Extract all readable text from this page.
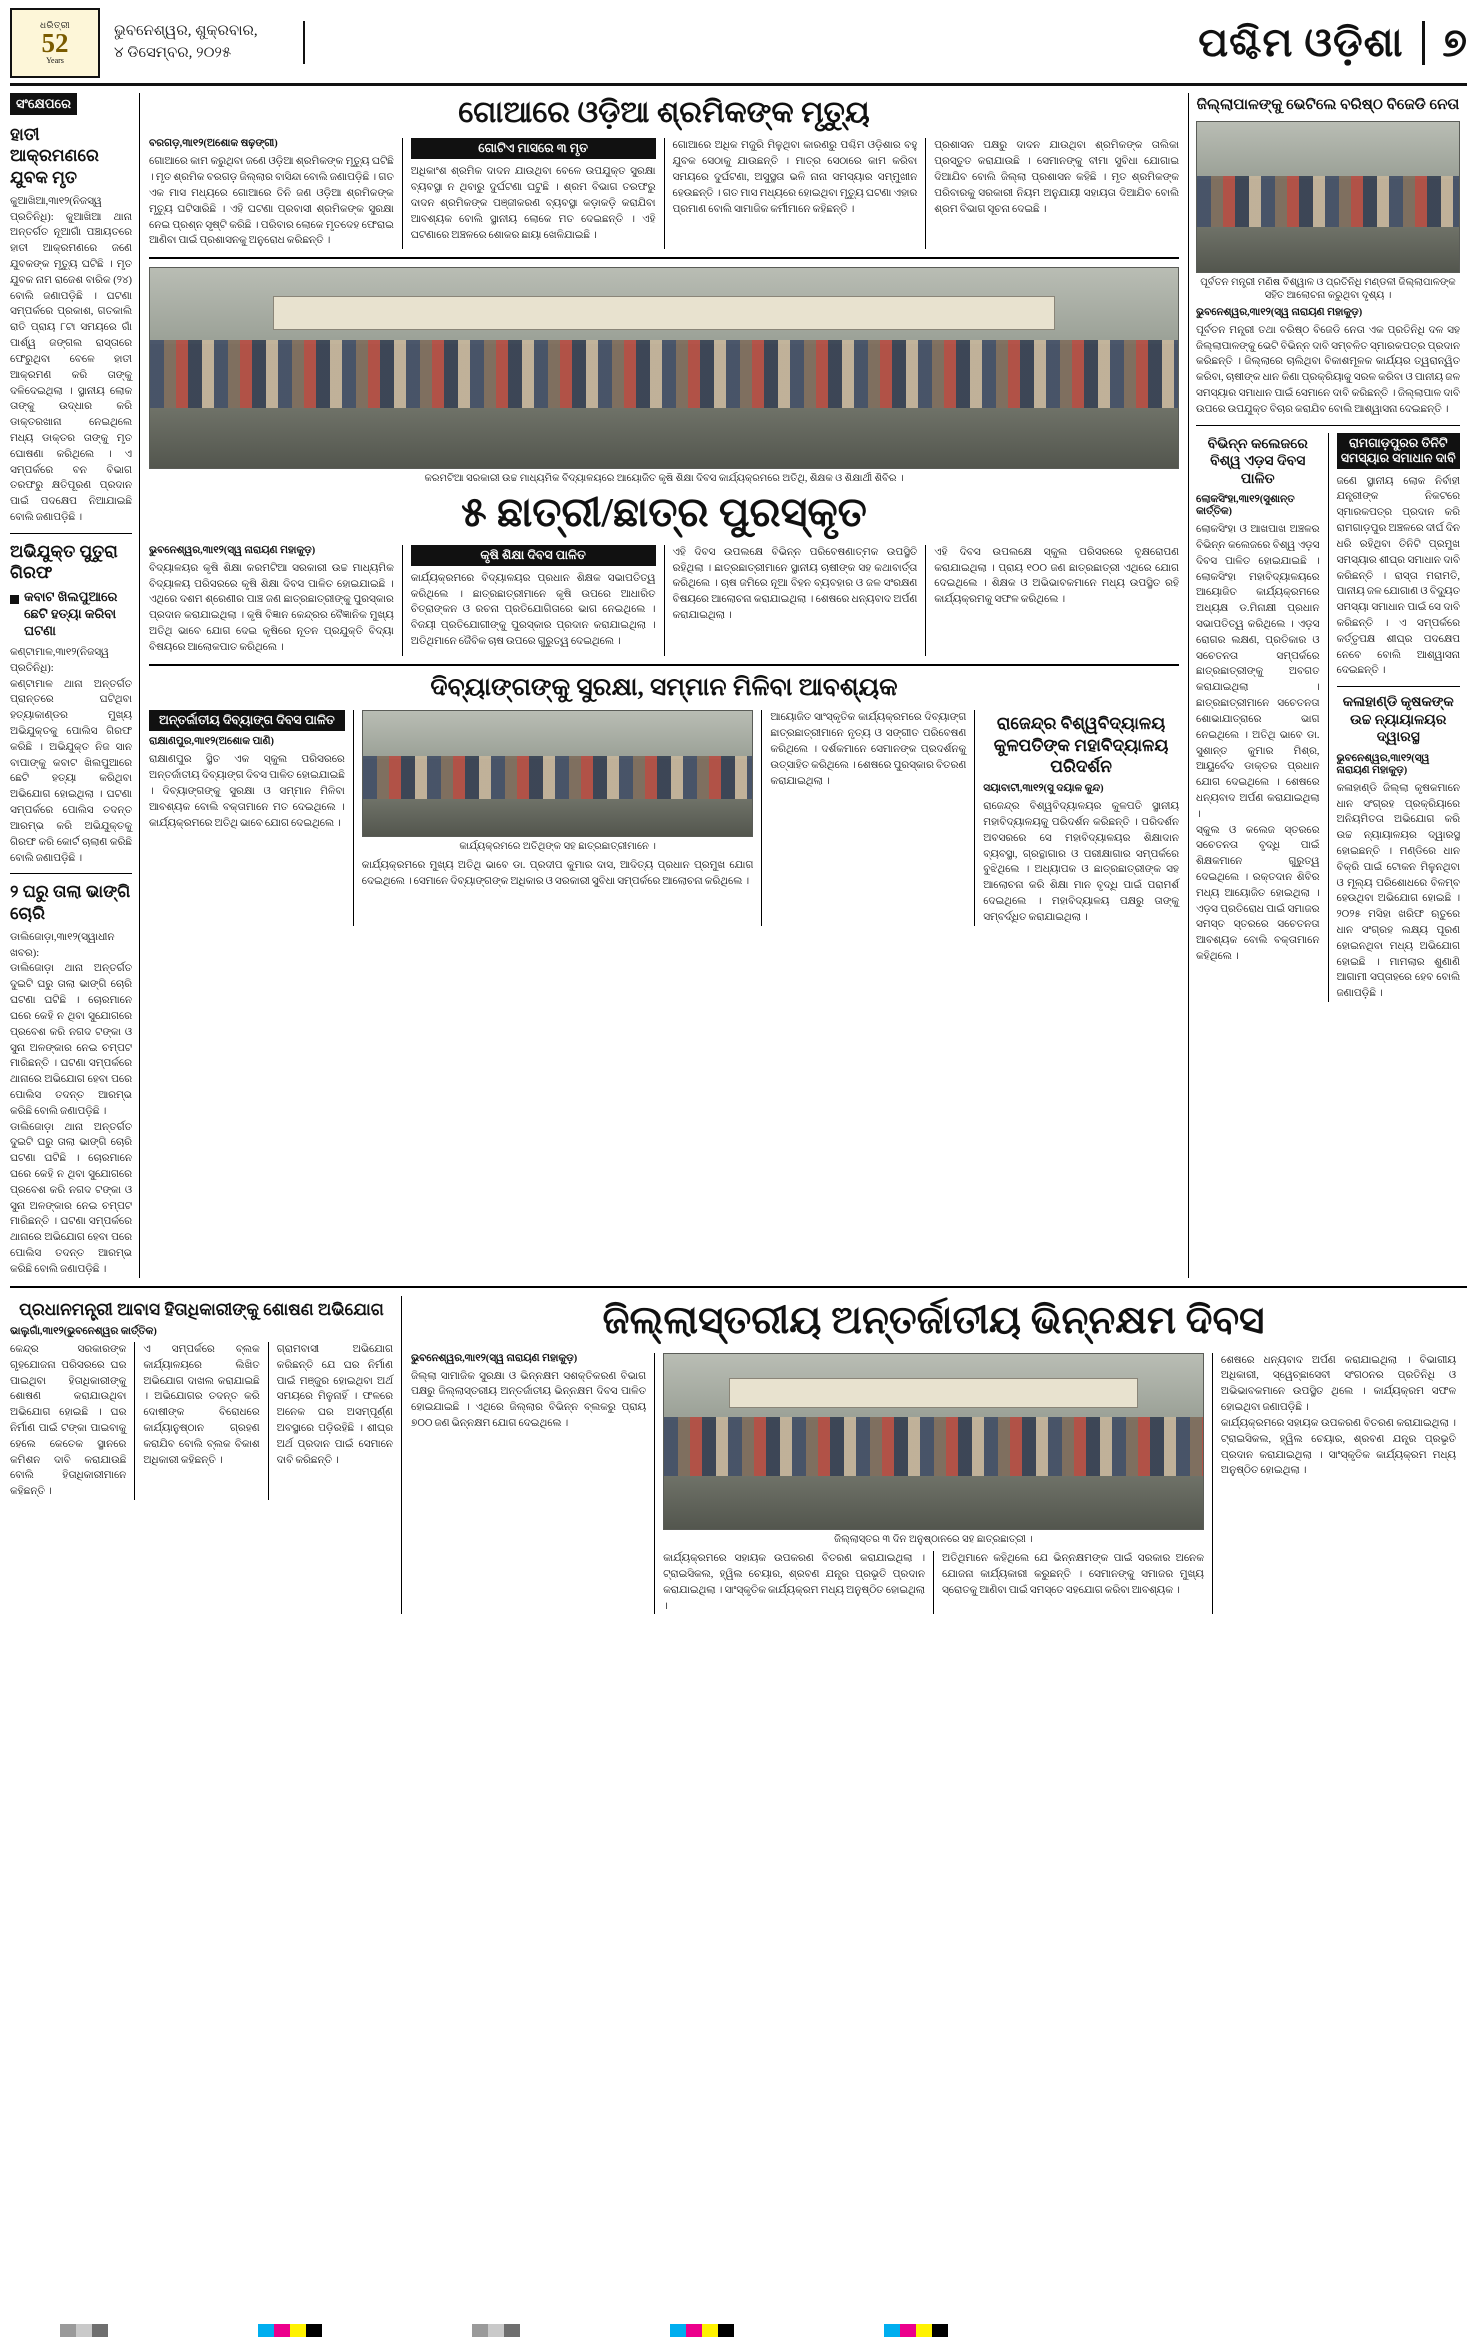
ଧରିତ୍ରୀ
52
Years
ଭୁବନେଶ୍ୱର, ଶୁକ୍ରବାର,
୪ ଡିସେମ୍ବର, ୨୦୨୫	ପଶ୍ଚିମ ଓଡ଼ିଶା ୭
ସଂକ୍ଷେପରେ
ହାତୀ ଆକ୍ରମଣରେ ଯୁବକ ମୃତ
କୁଆଖିଆ,୩ା୧୨(ନିଜସ୍ୱ ପ୍ରତିନିଧି): କୁଆଖିଆ ଥାନା ଅନ୍ତର୍ଗତ ନୂଆଗାଁ ପଞ୍ଚାୟତରେ ହାତୀ ଆକ୍ରମଣରେ ଜଣେ ଯୁବକଙ୍କ ମୃତ୍ୟୁ ଘଟିଛି । ମୃତ ଯୁବକ ନାମ ରାଜେଶ ବାରିକ (୨୪) ବୋଲି ଜଣାପଡ଼ିଛି । ଘଟଣା ସମ୍ପର୍କରେ ପ୍ରକାଶ, ଗତକାଲି ରାତି ପ୍ରାୟ ୮ଟା ସମୟରେ ଗାଁ ପାର୍ଶ୍ୱ ଜଙ୍ଗଲ ରାସ୍ତାରେ ଫେରୁଥିବା ବେଳେ ହାତୀ ଆକ୍ରମଣ କରି ତାଙ୍କୁ ଦଳିଦେଇଥିଲା । ସ୍ଥାନୀୟ ଲୋକ ତାଙ୍କୁ ଉଦ୍ଧାର କରି ଡାକ୍ତରଖାନା ନେଇଥିଲେ ମଧ୍ୟ ଡାକ୍ତର ତାଙ୍କୁ ମୃତ ଘୋଷଣା କରିଥିଲେ । ଏ ସମ୍ପର୍କରେ ବନ ବିଭାଗ ତରଫରୁ କ୍ଷତିପୂରଣ ପ୍ରଦାନ ପାଇଁ ପଦକ୍ଷେପ ନିଆଯାଇଛି ବୋଲି ଜଣାପଡ଼ିଛି ।
ଅଭିଯୁକ୍ତ ପୁତୁରା ଗିରଫ
କବାଟ ଖିଲପୁଆରେ ଛେଟି ହତ୍ୟା କରିବା ଘଟଣା
କଣ୍ଟାମାଳ,୩ା୧୨(ନିଜସ୍ୱ ପ୍ରତିନିଧି):
କଣ୍ଟାମାଳ ଥାନା ଅନ୍ତର୍ଗତ ପ୍ରାନ୍ତରେ ଘଟିଥିବା ହତ୍ୟାକାଣ୍ଡର ମୁଖ୍ୟ ଅଭିଯୁକ୍ତକୁ ପୋଲିସ ଗିରଫ କରିଛି । ଅଭିଯୁକ୍ତ ନିଜ ସାନ ବାପାଙ୍କୁ କବାଟ ଖିଲପୁଆରେ ଛେଟି ହତ୍ୟା କରିଥିବା ଅଭିଯୋଗ ହୋଇଥିଲା । ଘଟଣା ସମ୍ପର୍କରେ ପୋଲିସ ତଦନ୍ତ ଆରମ୍ଭ କରି ଅଭିଯୁକ୍ତକୁ ଗିରଫ କରି କୋର୍ଟ ଚାଲାଣ କରିଛି ବୋଲି ଜଣାପଡ଼ିଛି ।
୨ ଘରୁ ତାଲା ଭାଙ୍ଗି ଚୋରି
ଡାଲିଜୋଡ଼ା,୩ା୧୨(ସ୍ୱାଧୀନ ଖବର):
ଡାଲିଜୋଡ଼ା ଥାନା ଅନ୍ତର୍ଗତ ଦୁଇଟି ଘରୁ ତାଲା ଭାଙ୍ଗି ଚୋରି ଘଟଣା ଘଟିଛି । ଚୋରମାନେ ଘରେ କେହି ନ ଥିବା ସୁଯୋଗରେ ପ୍ରବେଶ କରି ନଗଦ ଟଙ୍କା ଓ ସୁନା ଅଳଙ୍କାର ନେଇ ଚମ୍ପଟ ମାରିଛନ୍ତି । ଘଟଣା ସମ୍ପର୍କରେ ଥାନାରେ ଅଭିଯୋଗ ହେବା ପରେ ପୋଲିସ ତଦନ୍ତ ଆରମ୍ଭ କରିଛି ବୋଲି ଜଣାପଡ଼ିଛି ।
ଡାଲିଜୋଡ଼ା ଥାନା ଅନ୍ତର୍ଗତ ଦୁଇଟି ଘରୁ ତାଲା ଭାଙ୍ଗି ଚୋରି ଘଟଣା ଘଟିଛି । ଚୋରମାନେ ଘରେ କେହି ନ ଥିବା ସୁଯୋଗରେ ପ୍ରବେଶ କରି ନଗଦ ଟଙ୍କା ଓ ସୁନା ଅଳଙ୍କାର ନେଇ ଚମ୍ପଟ ମାରିଛନ୍ତି । ଘଟଣା ସମ୍ପର୍କରେ ଥାନାରେ ଅଭିଯୋଗ ହେବା ପରେ ପୋଲିସ ତଦନ୍ତ ଆରମ୍ଭ କରିଛି ବୋଲି ଜଣାପଡ଼ିଛି ।
ଗୋଆରେ ଓଡ଼ିଆ ଶ୍ରମିକଙ୍କ ମୃତ୍ୟୁ
ବରଗଡ଼,୩ା୧୨(ଅଶୋକ ଷଢ଼ଙ୍ଗୀ)
ଗୋଆରେ କାମ କରୁଥିବା ଜଣେ ଓଡ଼ିଆ ଶ୍ରମିକଙ୍କ ମୃତ୍ୟୁ ଘଟିଛି । ମୃତ ଶ୍ରମିକ ବରଗଡ଼ ଜିଲ୍ଲାର ବାସିନ୍ଦା ବୋଲି ଜଣାପଡ଼ିଛି । ଗତ ଏକ ମାସ ମଧ୍ୟରେ ଗୋଆରେ ତିନି ଜଣ ଓଡ଼ିଆ ଶ୍ରମିକଙ୍କ ମୃତ୍ୟୁ ଘଟିସାରିଛି । ଏହି ଘଟଣା ପ୍ରବାସୀ ଶ୍ରମିକଙ୍କ ସୁରକ୍ଷା ନେଇ ପ୍ରଶ୍ନ ସୃଷ୍ଟି କରିଛି । ପରିବାର ଲୋକେ ମୃତଦେହ ଫେରାଇ ଆଣିବା ପାଇଁ ପ୍ରଶାସନକୁ ଅନୁରୋଧ କରିଛନ୍ତି ।
ଗୋଟିଏ ମାସରେ ୩ ମୃତ
ଅଧିକାଂଶ ଶ୍ରମିକ ଦାଦନ ଯାଉଥିବା ବେଳେ ଉପଯୁକ୍ତ ସୁରକ୍ଷା ବ୍ୟବସ୍ଥା ନ ଥିବାରୁ ଦୁର୍ଘଟଣା ଘଟୁଛି । ଶ୍ରମ ବିଭାଗ ତରଫରୁ ଦାଦନ ଶ୍ରମିକଙ୍କ ପଞ୍ଜୀକରଣ ବ୍ୟବସ୍ଥା କଡ଼ାକଡ଼ି କରାଯିବା ଆବଶ୍ୟକ ବୋଲି ସ୍ଥାନୀୟ ଲୋକେ ମତ ଦେଇଛନ୍ତି । ଏହି ଘଟଣାରେ ଅଞ୍ଚଳରେ ଶୋକର ଛାୟା ଖେଳିଯାଇଛି ।
ଗୋଆରେ ଅଧିକ ମଜୁରି ମିଳୁଥିବା କାରଣରୁ ପଶ୍ଚିମ ଓଡ଼ିଶାର ବହୁ ଯୁବକ ସେଠାକୁ ଯାଉଛନ୍ତି । ମାତ୍ର ସେଠାରେ କାମ କରିବା ସମୟରେ ଦୁର୍ଘଟଣା, ଅସୁସ୍ଥତା ଭଳି ନାନା ସମସ୍ୟାର ସମ୍ମୁଖୀନ ହେଉଛନ୍ତି । ଗତ ମାସ ମଧ୍ୟରେ ହୋଇଥିବା ମୃତ୍ୟୁ ଘଟଣା ଏହାର ପ୍ରମାଣ ବୋଲି ସାମାଜିକ କର୍ମୀମାନେ କହିଛନ୍ତି ।
ପ୍ରଶାସନ ପକ୍ଷରୁ ଦାଦନ ଯାଉଥିବା ଶ୍ରମିକଙ୍କ ତାଲିକା ପ୍ରସ୍ତୁତ କରାଯାଉଛି । ସେମାନଙ୍କୁ ବୀମା ସୁବିଧା ଯୋଗାଇ ଦିଆଯିବ ବୋଲି ଜିଲ୍ଲା ପ୍ରଶାସନ କହିଛି । ମୃତ ଶ୍ରମିକଙ୍କ ପରିବାରକୁ ସରକାରୀ ନିୟମ ଅନୁଯାୟୀ ସହାୟତା ଦିଆଯିବ ବୋଲି ଶ୍ରମ ବିଭାଗ ସୂଚନା ଦେଇଛି ।
କରମଟିଆ ସରକାରୀ ଉଚ୍ଚ ମାଧ୍ୟମିକ ବିଦ୍ୟାଳୟରେ ଆୟୋଜିତ କୃଷି ଶିକ୍ଷା ଦିବସ କାର୍ଯ୍ୟକ୍ରମରେ ଅତିଥି, ଶିକ୍ଷକ ଓ ଶିକ୍ଷାର୍ଥୀ ଶିବିର ।
୫ ଛାତ୍ରୀ/ଛାତ୍ର ପୁରସ୍କୃତ
ଭୁବନେଶ୍ୱର,୩ା୧୨(ସ୍ୱ ନାରାୟଣ ମହାକୁଡ଼)
ବିଦ୍ୟାଳୟର କୃଷି ଶିକ୍ଷା କରମଟିଆ ସରକାରୀ ଉଚ୍ଚ ମାଧ୍ୟମିକ ବିଦ୍ୟାଳୟ ପରିସରରେ କୃଷି ଶିକ୍ଷା ଦିବସ ପାଳିତ ହୋଇଯାଇଛି । ଏଥିରେ ଦଶମ ଶ୍ରେଣୀର ପାଞ୍ଚ ଜଣ ଛାତ୍ରଛାତ୍ରୀଙ୍କୁ ପୁରସ୍କାର ପ୍ରଦାନ କରାଯାଇଥିଲା । କୃଷି ବିଜ୍ଞାନ କେନ୍ଦ୍ରର ବୈଜ୍ଞାନିକ ମୁଖ୍ୟ ଅତିଥି ଭାବେ ଯୋଗ ଦେଇ କୃଷିରେ ନୂତନ ପ୍ରଯୁକ୍ତି ବିଦ୍ୟା ବିଷୟରେ ଆଲୋକପାତ କରିଥିଲେ ।
କୃଷି ଶିକ୍ଷା ଦିବସ ପାଳିତ
କାର୍ଯ୍ୟକ୍ରମରେ ବିଦ୍ୟାଳୟର ପ୍ରଧାନ ଶିକ୍ଷକ ସଭାପତିତ୍ୱ କରିଥିଲେ । ଛାତ୍ରଛାତ୍ରୀମାନେ କୃଷି ଉପରେ ଆଧାରିତ ଚିତ୍ରାଙ୍କନ ଓ ରଚନା ପ୍ରତିଯୋଗିତାରେ ଭାଗ ନେଇଥିଲେ । ବିଜୟୀ ପ୍ରତିଯୋଗୀଙ୍କୁ ପୁରସ୍କାର ପ୍ରଦାନ କରାଯାଇଥିଲା । ଅତିଥିମାନେ ଜୈବିକ ଚାଷ ଉପରେ ଗୁରୁତ୍ୱ ଦେଇଥିଲେ ।
ଏହି ଦିବସ ଉପଲକ୍ଷେ ବିଭିନ୍ନ ପରିବେଷଣାତ୍ମକ ଉପସ୍ଥିତି ରହିଥିଲା । ଛାତ୍ରଛାତ୍ରୀମାନେ ସ୍ଥାନୀୟ ଚାଷୀଙ୍କ ସହ କଥାବାର୍ତ୍ତା କରିଥିଲେ । ଚାଷ ଜମିରେ ନୂଆ ବିହନ ବ୍ୟବହାର ଓ ଜଳ ସଂରକ୍ଷଣ ବିଷୟରେ ଆଲୋଚନା କରାଯାଇଥିଲା । ଶେଷରେ ଧନ୍ୟବାଦ ଅର୍ପଣ କରାଯାଇଥିଲା ।
ଏହି ଦିବସ ଉପଲକ୍ଷେ ସ୍କୁଲ ପରିସରରେ ବୃକ୍ଷରୋପଣ କରାଯାଇଥିଲା । ପ୍ରାୟ ୧୦୦ ଜଣ ଛାତ୍ରଛାତ୍ରୀ ଏଥିରେ ଯୋଗ ଦେଇଥିଲେ । ଶିକ୍ଷକ ଓ ଅଭିଭାବକମାନେ ମଧ୍ୟ ଉପସ୍ଥିତ ରହି କାର୍ଯ୍ୟକ୍ରମକୁ ସଫଳ କରିଥିଲେ ।
ଦିବ୍ୟାଙ୍ଗଙ୍କୁ ସୁରକ୍ଷା, ସମ୍ମାନ ମିଳିବା ଆବଶ୍ୟକ
ଅନ୍ତର୍ଜାତୀୟ ଦିବ୍ୟାଙ୍ଗ ଦିବସ ପାଳିତ
ରାକ୍ଷାଣପୁର,୩ା୧୨(ଅଶୋକ ପାଣି)
ରାକ୍ଷାଣପୁର ସ୍ଥିତ ଏକ ସ୍କୁଲ ପରିସରରେ ଅନ୍ତର୍ଜାତୀୟ ଦିବ୍ୟାଙ୍ଗ ଦିବସ ପାଳିତ ହୋଇଯାଇଛି । ଦିବ୍ୟାଙ୍ଗଙ୍କୁ ସୁରକ୍ଷା ଓ ସମ୍ମାନ ମିଳିବା ଆବଶ୍ୟକ ବୋଲି ବକ୍ତାମାନେ ମତ ଦେଇଥିଲେ । କାର୍ଯ୍ୟକ୍ରମରେ ଅତିଥି ଭାବେ ଯୋଗ ଦେଇଥିଲେ ।
କାର୍ଯ୍ୟକ୍ରମରେ ଅତିଥିଙ୍କ ସହ ଛାତ୍ରଛାତ୍ରୀମାନେ ।
କାର୍ଯ୍ୟକ୍ରମରେ ମୁଖ୍ୟ ଅତିଥି ଭାବେ ଡା. ପ୍ରଦୀପ କୁମାର ଦାସ, ଆଦିତ୍ୟ ପ୍ରଧାନ ପ୍ରମୁଖ ଯୋଗ ଦେଇଥିଲେ । ସେମାନେ ଦିବ୍ୟାଙ୍ଗଙ୍କ ଅଧିକାର ଓ ସରକାରୀ ସୁବିଧା ସମ୍ପର୍କରେ ଆଲୋଚନା କରିଥିଲେ ।
ଆୟୋଜିତ ସାଂସ୍କୃତିକ କାର୍ଯ୍ୟକ୍ରମରେ ଦିବ୍ୟାଙ୍ଗ ଛାତ୍ରଛାତ୍ରୀମାନେ ନୃତ୍ୟ ଓ ସଙ୍ଗୀତ ପରିବେଷଣ କରିଥିଲେ । ଦର୍ଶକମାନେ ସେମାନଙ୍କ ପ୍ରଦର୍ଶନକୁ ଉତ୍ସାହିତ କରିଥିଲେ । ଶେଷରେ ପୁରସ୍କାର ବିତରଣ କରାଯାଇଥିଲା ।
ରାଜେନ୍ଦ୍ର ବିଶ୍ୱବିଦ୍ୟାଳୟ କୁଳପତିଙ୍କ ମହାବିଦ୍ୟାଳୟ ପରିଦର୍ଶନ
ସୟାବାଟୀ,୩ା୧୨(ସୁ ଦୟାଳ କୁନ୍ଦ)
ରାଜେନ୍ଦ୍ର ବିଶ୍ୱବିଦ୍ୟାଳୟର କୁଳପତି ସ୍ଥାନୀୟ ମହାବିଦ୍ୟାଳୟକୁ ପରିଦର୍ଶନ କରିଛନ୍ତି । ପରିଦର୍ଶନ ଅବସରରେ ସେ ମହାବିଦ୍ୟାଳୟର ଶିକ୍ଷାଦାନ ବ୍ୟବସ୍ଥା, ଗ୍ରନ୍ଥାଗାର ଓ ପରୀକ୍ଷାଗାର ସମ୍ପର୍କରେ ବୁଝିଥିଲେ । ଅଧ୍ୟାପକ ଓ ଛାତ୍ରଛାତ୍ରୀଙ୍କ ସହ ଆଲୋଚନା କରି ଶିକ୍ଷା ମାନ ବୃଦ୍ଧି ପାଇଁ ପରାମର୍ଶ ଦେଇଥିଲେ । ମହାବିଦ୍ୟାଳୟ ପକ୍ଷରୁ ତାଙ୍କୁ ସମ୍ବର୍ଦ୍ଧିତ କରାଯାଇଥିଲା ।
ଜିଲ୍ଲାପାଳଙ୍କୁ ଭେଟିଲେ ବରିଷ୍ଠ ବିଜେଡି ନେତା
ପୂର୍ବତନ ମନ୍ତ୍ରୀ ମଣିଷ ବିଶ୍ୱାଳ ଓ ପ୍ରତିନିଧି ମଣ୍ଡଳୀ ଜିଲ୍ଲାପାଳଙ୍କ ସହିତ ଆଲୋଚନା କରୁଥିବା ଦୃଶ୍ୟ ।
ଭୁବନେଶ୍ୱର,୩ା୧୨(ସ୍ୱ ନାରାୟଣ ମହାକୁଡ଼)
ପୂର୍ବତନ ମନ୍ତ୍ରୀ ତଥା ବରିଷ୍ଠ ବିଜେଡି ନେତା ଏକ ପ୍ରତିନିଧି ଦଳ ସହ ଜିଲ୍ଲାପାଳଙ୍କୁ ଭେଟି ବିଭିନ୍ନ ଦାବି ସମ୍ବଳିତ ସ୍ମାରକପତ୍ର ପ୍ରଦାନ କରିଛନ୍ତି । ଜିଲ୍ଲାରେ ଚାଲିଥିବା ବିକାଶମୂଳକ କାର୍ଯ୍ୟର ତ୍ୱରାନ୍ୱିତ କରିବା, ଚାଷୀଙ୍କ ଧାନ କିଣା ପ୍ରକ୍ରିୟାକୁ ସରଳ କରିବା ଓ ପାନୀୟ ଜଳ ସମସ୍ୟାର ସମାଧାନ ପାଇଁ ସେମାନେ ଦାବି କରିଛନ୍ତି । ଜିଲ୍ଲାପାଳ ଦାବି ଉପରେ ଉପଯୁକ୍ତ ବିଚାର କରାଯିବ ବୋଲି ଆଶ୍ୱାସନା ଦେଇଛନ୍ତି ।
ବିଭିନ୍ନ କଲେଜରେ ବିଶ୍ୱ ଏଡ଼ସ ଦିବସ ପାଳିତ
ଲୋକସିଂହା,୩ା୧୨(ସୁଶାନ୍ତ କାର୍ତ୍ତିକ)
ଲୋକସିଂହା ଓ ଆଖପାଖ ଅଞ୍ଚଳର ବିଭିନ୍ନ କଲେଜରେ ବିଶ୍ୱ ଏଡ଼ସ ଦିବସ ପାଳିତ ହୋଇଯାଇଛି । ଲୋକସିଂହା ମହାବିଦ୍ୟାଳୟରେ ଆୟୋଜିତ କାର୍ଯ୍ୟକ୍ରମରେ ଅଧ୍ୟକ୍ଷ ଡ.ମିନାକ୍ଷୀ ପ୍ରଧାନ ସଭାପତିତ୍ୱ କରିଥିଲେ । ଏଡ଼ସ ରୋଗର ଲକ୍ଷଣ, ପ୍ରତିକାର ଓ ସଚେତନତା ସମ୍ପର୍କରେ ଛାତ୍ରଛାତ୍ରୀଙ୍କୁ ଅବଗତ କରାଯାଇଥିଲା । ଛାତ୍ରଛାତ୍ରୀମାନେ ସଚେତନତା ଶୋଭାଯାତ୍ରାରେ ଭାଗ ନେଇଥିଲେ । ଅତିଥି ଭାବେ ଡା. ସୁଶାନ୍ତ କୁମାର ମିଶ୍ର, ଆୟୁର୍ବେଦ ଡାକ୍ତର ପ୍ରଧାନ ଯୋଗ ଦେଇଥିଲେ । ଶେଷରେ ଧନ୍ୟବାଦ ଅର୍ପଣ କରାଯାଇଥିଲା ।
ସ୍କୁଲ ଓ କଲେଜ ସ୍ତରରେ ସଚେତନତା ବୃଦ୍ଧି ପାଇଁ ଶିକ୍ଷକମାନେ ଗୁରୁତ୍ୱ ଦେଇଥିଲେ । ରକ୍ତଦାନ ଶିବିର ମଧ୍ୟ ଆୟୋଜିତ ହୋଇଥିଲା । ଏଡ଼ସ ପ୍ରତିରୋଧ ପାଇଁ ସମାଜର ସମସ୍ତ ସ୍ତରରେ ସଚେତନତା ଆବଶ୍ୟକ ବୋଲି ବକ୍ତାମାନେ କହିଥିଲେ ।
ରାମଗାଡ଼ପୁରର ତିନିଟି ସମସ୍ୟାର ସମାଧାନ ଦାବି
ଜଣେ ସ୍ଥାନୀୟ ଲୋକ ନିର୍ବାହୀ ଯନ୍ତ୍ରୀଙ୍କ ନିକଟରେ ସ୍ମାରକପତ୍ର ପ୍ରଦାନ କରି ରାମଗାଡ଼ପୁର ଅଞ୍ଚଳରେ ଦୀର୍ଘ ଦିନ ଧରି ରହିଥିବା ତିନିଟି ପ୍ରମୁଖ ସମସ୍ୟାର ଶୀଘ୍ର ସମାଧାନ ଦାବି କରିଛନ୍ତି । ରାସ୍ତା ମରାମତି, ପାନୀୟ ଜଳ ଯୋଗାଣ ଓ ବିଦ୍ୟୁତ ସମସ୍ୟା ସମାଧାନ ପାଇଁ ସେ ଦାବି କରିଛନ୍ତି । ଏ ସମ୍ପର୍କରେ କର୍ତ୍ତୃପକ୍ଷ ଶୀଘ୍ର ପଦକ୍ଷେପ ନେବେ ବୋଲି ଆଶ୍ୱାସନା ଦେଇଛନ୍ତି ।
କଳାହାଣ୍ଡି କୃଷକଙ୍କ ଉଚ୍ଚ ନ୍ୟାୟାଳୟର ଦ୍ୱାରସ୍ଥ
ଭୁବନେଶ୍ୱର,୩ା୧୨(ସ୍ୱ ନାରାୟଣ ମହାକୁଡ଼)
କଳାହାଣ୍ଡି ଜିଲ୍ଲା କୃଷକମାନେ ଧାନ ସଂଗ୍ରହ ପ୍ରକ୍ରିୟାରେ ଅନିୟମିତତା ଅଭିଯୋଗ କରି ଉଚ୍ଚ ନ୍ୟାୟାଳୟର ଦ୍ୱାରସ୍ଥ ହୋଇଛନ୍ତି । ମଣ୍ଡିରେ ଧାନ ବିକ୍ରି ପାଇଁ ଟୋକନ ମିଳୁନଥିବା ଓ ମୂଲ୍ୟ ପରିଶୋଧରେ ବିଳମ୍ବ ହେଉଥିବା ଅଭିଯୋଗ ହୋଇଛି । ୨୦୨୫ ମସିହା ଖରିଫ ଋତୁରେ ଧାନ ସଂଗ୍ରହ ଲକ୍ଷ୍ୟ ପୂରଣ ହୋଇନଥିବା ମଧ୍ୟ ଅଭିଯୋଗ ହୋଇଛି । ମାମଲାର ଶୁଣାଣି ଆଗାମୀ ସପ୍ତାହରେ ହେବ ବୋଲି ଜଣାପଡ଼ିଛି ।
ପ୍ରଧାନମନ୍ତ୍ରୀ ଆବାସ ହିତାଧିକାରୀଙ୍କୁ ଶୋଷଣ ଅଭିଯୋଗ
ଭାଲୁଗାଁ,୩ା୧୨(ଭୁବନେଶ୍ୱର କାର୍ତ୍ତିକ)
କେନ୍ଦ୍ର ସରକାରଙ୍କ ଗୃହଯୋଜନା ପରିସରରେ ଘର ପାଇଥିବା ହିତାଧିକାରୀଙ୍କୁ ଶୋଷଣ କରାଯାଉଥିବା ଅଭିଯୋଗ ହୋଇଛି । ଘର ନିର୍ମାଣ ପାଇଁ ଟଙ୍କା ପାଇବାକୁ ହେଲେ କେତେକ ସ୍ଥାନରେ କମିଶନ ଦାବି କରାଯାଉଛି ବୋଲି ହିତାଧିକାରୀମାନେ କହିଛନ୍ତି ।
ଏ ସମ୍ପର୍କରେ ବ୍ଲକ କାର୍ଯ୍ୟାଳୟରେ ଲିଖିତ ଅଭିଯୋଗ ଦାଖଲ କରାଯାଇଛି । ଅଭିଯୋଗର ତଦନ୍ତ କରି ଦୋଷୀଙ୍କ ବିରୋଧରେ କାର୍ଯ୍ୟାନୁଷ୍ଠାନ ଗ୍ରହଣ କରାଯିବ ବୋଲି ବ୍ଲକ ବିକାଶ ଅଧିକାରୀ କହିଛନ୍ତି ।
ଗ୍ରାମବାସୀ ଅଭିଯୋଗ କରିଛନ୍ତି ଯେ ଘର ନିର୍ମାଣ ପାଇଁ ମଞ୍ଜୁର ହୋଇଥିବା ଅର୍ଥ ସମୟରେ ମିଳୁନାହିଁ । ଫଳରେ ଅନେକ ଘର ଅସମ୍ପୂର୍ଣ୍ଣ ଅବସ୍ଥାରେ ପଡ଼ିରହିଛି । ଶୀଘ୍ର ଅର୍ଥ ପ୍ରଦାନ ପାଇଁ ସେମାନେ ଦାବି କରିଛନ୍ତି ।
ଜିଲ୍ଲାସ୍ତରୀୟ ଅନ୍ତର୍ଜାତୀୟ ଭିନ୍ନକ୍ଷମ ଦିବସ
ଭୁବନେଶ୍ୱର,୩ା୧୨(ସ୍ୱ ନାରାୟଣ ମହାକୁଡ଼)
ଜିଲ୍ଲା ସାମାଜିକ ସୁରକ୍ଷା ଓ ଭିନ୍ନକ୍ଷମ ସଶକ୍ତିକରଣ ବିଭାଗ ପକ୍ଷରୁ ଜିଲ୍ଲାସ୍ତରୀୟ ଅନ୍ତର୍ଜାତୀୟ ଭିନ୍ନକ୍ଷମ ଦିବସ ପାଳିତ ହୋଇଯାଇଛି । ଏଥିରେ ଜିଲ୍ଲାର ବିଭିନ୍ନ ବ୍ଲକରୁ ପ୍ରାୟ ୭୦୦ ଜଣ ଭିନ୍ନକ୍ଷମ ଯୋଗ ଦେଇଥିଲେ ।
ଜିଲ୍ଲାସ୍ତର ୩ ଦିନ ଅନୁଷ୍ଠାନରେ ସହ ଛାତ୍ରଛାତ୍ରୀ ।
କାର୍ଯ୍ୟକ୍ରମରେ ସହାୟକ ଉପକରଣ ବିତରଣ କରାଯାଇଥିଲା । ଟ୍ରାଇସିକଲ, ହ୍ୱିଲ ଚେୟାର, ଶ୍ରବଣ ଯନ୍ତ୍ର ପ୍ରଭୃତି ପ୍ରଦାନ କରାଯାଇଥିଲା । ସାଂସ୍କୃତିକ କାର୍ଯ୍ୟକ୍ରମ ମଧ୍ୟ ଅନୁଷ୍ଠିତ ହୋଇଥିଲା ।
ଅତିଥିମାନେ କହିଥିଲେ ଯେ ଭିନ୍ନକ୍ଷମଙ୍କ ପାଇଁ ସରକାର ଅନେକ ଯୋଜନା କାର୍ଯ୍ୟକାରୀ କରୁଛନ୍ତି । ସେମାନଙ୍କୁ ସମାଜର ମୁଖ୍ୟ ସ୍ରୋତକୁ ଆଣିବା ପାଇଁ ସମସ୍ତେ ସହଯୋଗ କରିବା ଆବଶ୍ୟକ ।
ଶେଷରେ ଧନ୍ୟବାଦ ଅର୍ପଣ କରାଯାଇଥିଲା । ବିଭାଗୀୟ ଅଧିକାରୀ, ସ୍ୱେଚ୍ଛାସେବୀ ସଂଗଠନର ପ୍ରତିନିଧି ଓ ଅଭିଭାବକମାନେ ଉପସ୍ଥିତ ଥିଲେ । କାର୍ଯ୍ୟକ୍ରମ ସଫଳ ହୋଇଥିବା ଜଣାପଡ଼ିଛି ।
କାର୍ଯ୍ୟକ୍ରମରେ ସହାୟକ ଉପକରଣ ବିତରଣ କରାଯାଇଥିଲା । ଟ୍ରାଇସିକଲ, ହ୍ୱିଲ ଚେୟାର, ଶ୍ରବଣ ଯନ୍ତ୍ର ପ୍ରଭୃତି ପ୍ରଦାନ କରାଯାଇଥିଲା । ସାଂସ୍କୃତିକ କାର୍ଯ୍ୟକ୍ରମ ମଧ୍ୟ ଅନୁଷ୍ଠିତ ହୋଇଥିଲା ।
